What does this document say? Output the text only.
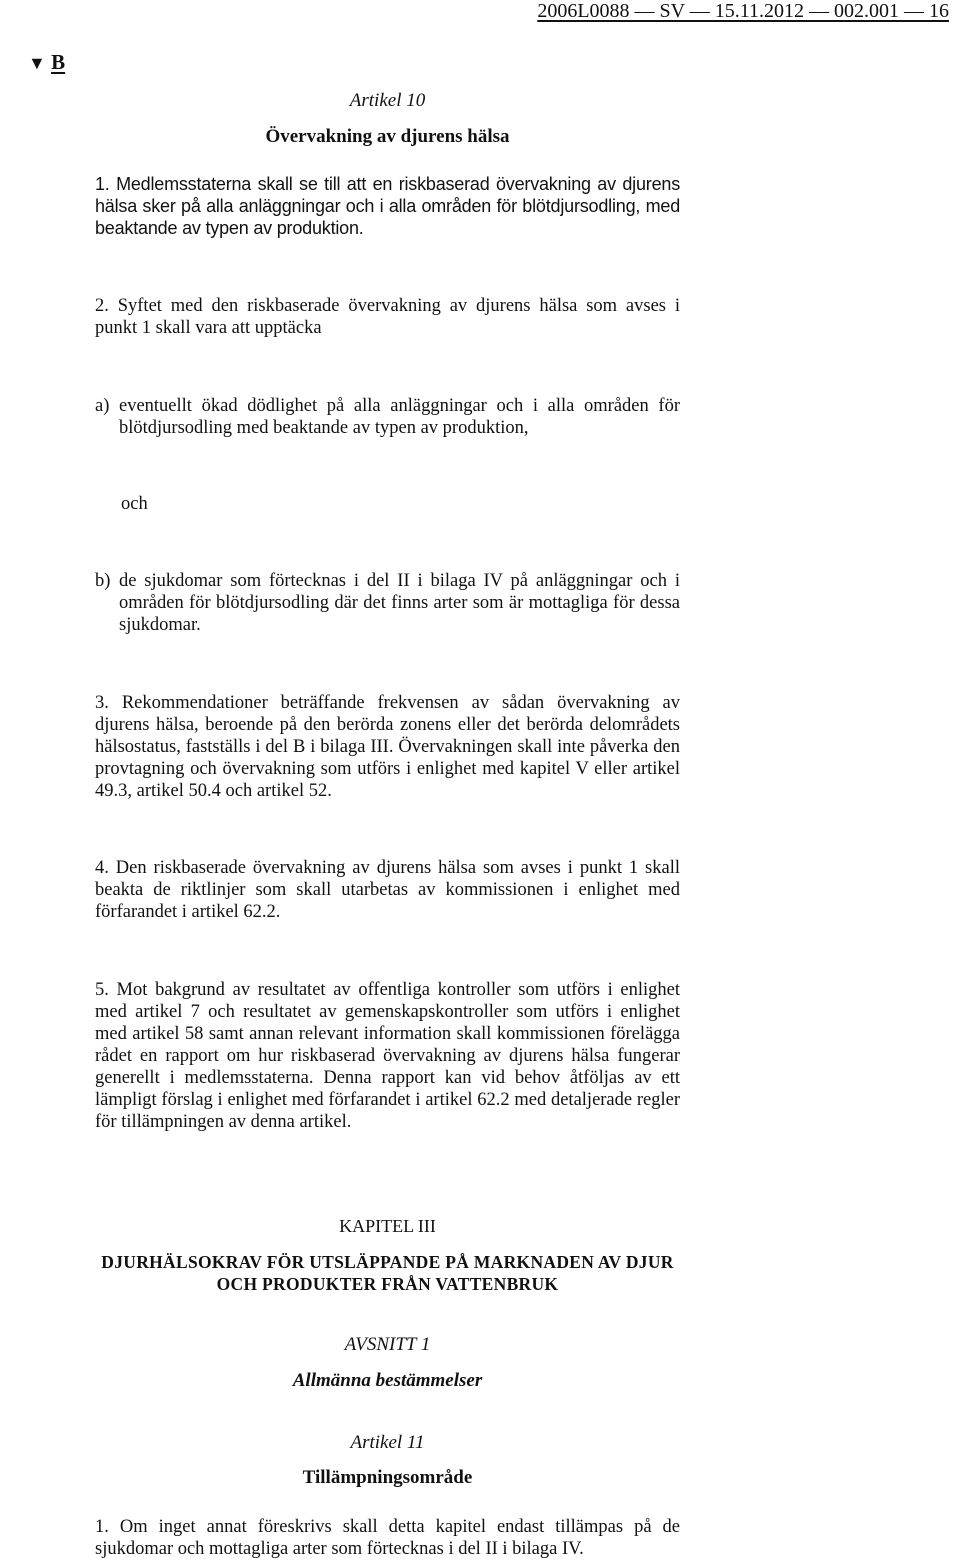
2006L0088 — SV — 15.11.2012 — 002.001 — 16
▼ B

Artikel 10

Övervakning av djurens hälsa

1. Medlemsstaterna skall se till att en riskbaserad övervakning av djurens hälsa sker på alla anläggningar och i alla områden för blötdjursodling, med beaktande av typen av produktion.

2. Syftet med den riskbaserade övervakning av djurens hälsa som avses i punkt 1 skall vara att upptäcka

a) eventuellt ökad dödlighet på alla anläggningar och i alla områden för blötdjursodling med beaktande av typen av produktion,

och

b) de sjukdomar som förtecknas i del II i bilaga IV på anläggningar och i områden för blötdjursodling där det finns arter som är mottagliga för dessa sjukdomar.

3. Rekommendationer beträffande frekvensen av sådan övervakning av djurens hälsa, beroende på den berörda zonens eller det berörda delområdets hälsostatus, fastställs i del B i bilaga III. Övervakningen skall inte påverka den provtagning och övervakning som utförs i enlighet med kapitel V eller artikel 49.3, artikel 50.4 och artikel 52.

4. Den riskbaserade övervakning av djurens hälsa som avses i punkt 1 skall beakta de riktlinjer som skall utarbetas av kommissionen i enlighet med förfarandet i artikel 62.2.

5. Mot bakgrund av resultatet av offentliga kontroller som utförs i enlighet med artikel 7 och resultatet av gemenskapskontroller som utförs i enlighet med artikel 58 samt annan relevant information skall kommissionen förelägga rådet en rapport om hur riskbaserad övervakning av djurens hälsa fungerar generellt i medlemsstaterna. Denna rapport kan vid behov åtföljas av ett lämpligt förslag i enlighet med förfarandet i artikel 62.2 med detaljerade regler för tillämpningen av denna artikel.

KAPITEL III

DJURHÄLSOKRAV FÖR UTSLÄPPANDE PÅ MARKNADEN AV DJUR

OCH PRODUKTER FRÅN VATTENBRUK

AVSNITT 1

Allmänna bestämmelser

Artikel 11

Tillämpningsområde

1. Om inget annat föreskrivs skall detta kapitel endast tillämpas på de sjukdomar och mottagliga arter som förtecknas i del II i bilaga IV.
